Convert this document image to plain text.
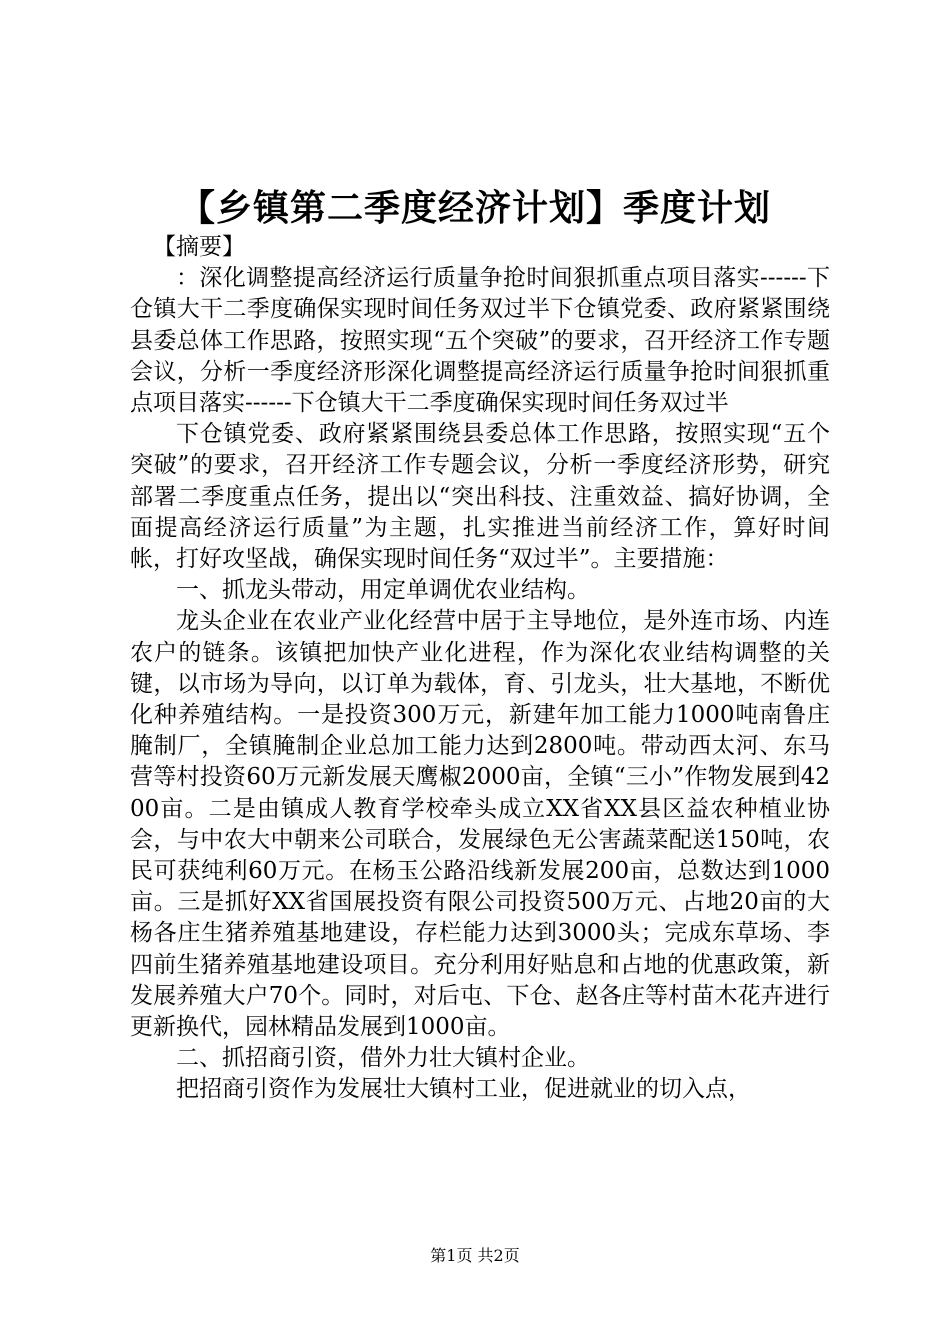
【乡镇第二季度经济计划】季度计划

【摘要】

：深化调整提高经济运行质量争抢时间狠抓重点项目落实------下仓镇大干二季度确保实现时间任务双过半下仓镇党委、政府紧紧围绕县委总体工作思路，按照实现“五个突破”的要求，召开经济工作专题会议，分析一季度经济形深化调整提高经济运行质量争抢时间狠抓重点项目落实------下仓镇大干二季度确保实现时间任务双过半

下仓镇党委、政府紧紧围绕县委总体工作思路，按照实现“五个突破”的要求，召开经济工作专题会议，分析一季度经济形势，研究部署二季度重点任务，提出以“突出科技、注重效益、搞好协调，全面提高经济运行质量”为主题，扎实推进当前经济工作，算好时间帐，打好攻坚战，确保实现时间任务“双过半”。主要措施：

一、抓龙头带动，用定单调优农业结构。

龙头企业在农业产业化经营中居于主导地位，是外连市场、内连农户的链条。该镇把加快产业化进程，作为深化农业结构调整的关键，以市场为导向，以订单为载体，育、引龙头，壮大基地，不断优化种养殖结构。一是投资300万元，新建年加工能力1000吨南鲁庄腌制厂，全镇腌制企业总加工能力达到2800吨。带动西太河、东马营等村投资60万元新发展天鹰椒2000亩，全镇“三小”作物发展到4200亩。二是由镇成人教育学校牵头成立XX省XX县区益农种植业协会，与中农大中朝来公司联合，发展绿色无公害蔬菜配送150吨，农民可获纯利60万元。在杨玉公路沿线新发展200亩，总数达到1000亩。三是抓好XX省国展投资有限公司投资500万元、占地20亩的大杨各庄生猪养殖基地建设，存栏能力达到3000头；完成东草场、李四前生猪养殖基地建设项目。充分利用好贴息和占地的优惠政策，新发展养殖大户70个。同时，对后屯、下仓、赵各庄等村苗木花卉进行更新换代，园林精品发展到1000亩。

二、抓招商引资，借外力壮大镇村企业。

把招商引资作为发展壮大镇村工业，促进就业的切入点，

第1页 共2页
